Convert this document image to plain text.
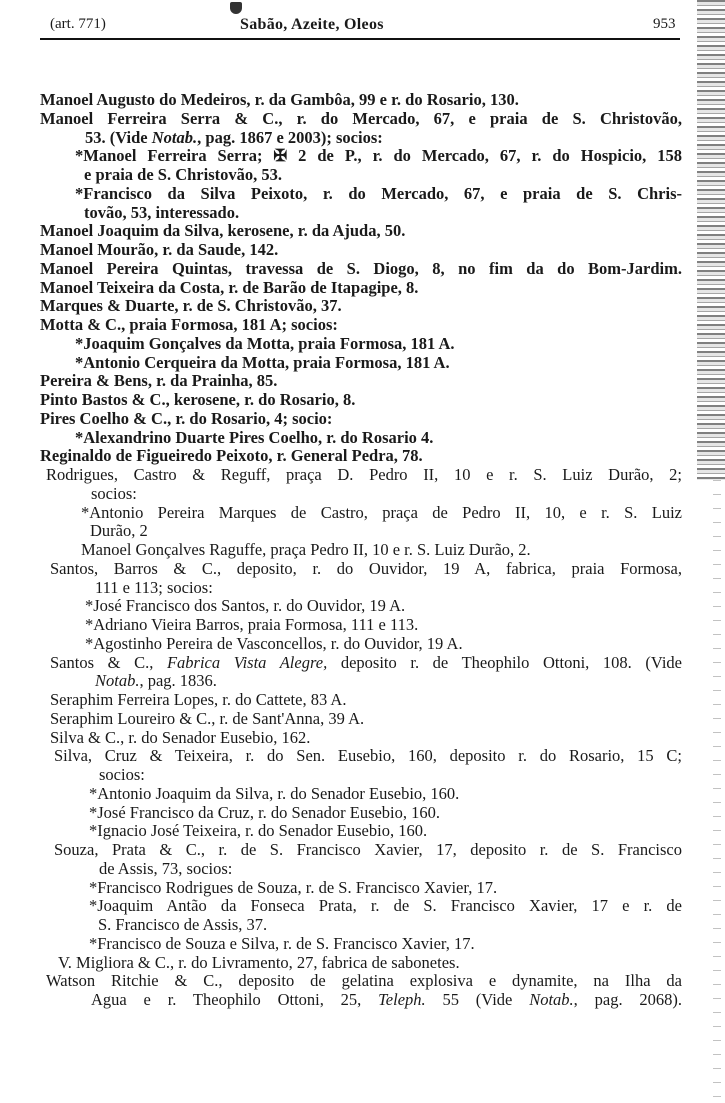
(art. 771)	Sabão, Azeite, Oleos	953
Manoel Augusto do Medeiros, r. da Gambôa, 99 e r. do Rosario, 130.
Manoel Ferreira Serra & C., r. do Mercado, 67, e praia de S. Christovão,
53. (Vide Notab., pag. 1867 e 2003); socios:
*Manoel Ferreira Serra; ✠ 2 de P., r. do Mercado, 67, r. do Hospicio, 158
e praia de S. Christovão, 53.
*Francisco da Silva Peixoto, r. do Mercado, 67, e praia de S. Chris-
tovão, 53, interessado.
Manoel Joaquim da Silva, kerosene, r. da Ajuda, 50.
Manoel Mourão, r. da Saude, 142.
Manoel Pereira Quintas, travessa de S. Diogo, 8, no fim da do Bom-Jardim.
Manoel Teixeira da Costa, r. de Barão de Itapagipe, 8.
Marques & Duarte, r. de S. Christovão, 37.
Motta & C., praia Formosa, 181 A; socios:
*Joaquim Gonçalves da Motta, praia Formosa, 181 A.
*Antonio Cerqueira da Motta, praia Formosa, 181 A.
Pereira & Bens, r. da Prainha, 85.
Pinto Bastos & C., kerosene, r. do Rosario, 8.
Pires Coelho & C., r. do Rosario, 4; socio:
*Alexandrino Duarte Pires Coelho, r. do Rosario 4.
Reginaldo de Figueiredo Peixoto, r. General Pedra, 78.
Rodrigues, Castro & Reguff, praça D. Pedro II, 10 e r. S. Luiz Durão, 2;
socios:
*Antonio Pereira Marques de Castro, praça de Pedro II, 10, e r. S. Luiz
Durão, 2
Manoel Gonçalves Raguffe, praça Pedro II, 10 e r. S. Luiz Durão, 2.
Santos, Barros & C., deposito, r. do Ouvidor, 19 A, fabrica, praia Formosa,
111 e 113; socios:
*José Francisco dos Santos, r. do Ouvidor, 19 A.
*Adriano Vieira Barros, praia Formosa, 111 e 113.
*Agostinho Pereira de Vasconcellos, r. do Ouvidor, 19 A.
Santos & C., Fabrica Vista Alegre, deposito r. de Theophilo Ottoni, 108. (Vide
Notab., pag. 1836.
Seraphim Ferreira Lopes, r. do Cattete, 83 A.
Seraphim Loureiro & C., r. de Sant'Anna, 39 A.
Silva & C., r. do Senador Eusebio, 162.
Silva, Cruz & Teixeira, r. do Sen. Eusebio, 160, deposito r. do Rosario, 15 C;
socios:
*Antonio Joaquim da Silva, r. do Senador Eusebio, 160.
*José Francisco da Cruz, r. do Senador Eusebio, 160.
*Ignacio José Teixeira, r. do Senador Eusebio, 160.
Souza, Prata & C., r. de S. Francisco Xavier, 17, deposito r. de S. Francisco
de Assis, 73, socios:
*Francisco Rodrigues de Souza, r. de S. Francisco Xavier, 17.
*Joaquim Antão da Fonseca Prata, r. de S. Francisco Xavier, 17 e r. de
S. Francisco de Assis, 37.
*Francisco de Souza e Silva, r. de S. Francisco Xavier, 17.
V. Migliora & C., r. do Livramento, 27, fabrica de sabonetes.
Watson Ritchie & C., deposito de gelatina explosiva e dynamite, na Ilha da
Agua e r. Theophilo Ottoni, 25, Teleph. 55 (Vide Notab., pag. 2068).
